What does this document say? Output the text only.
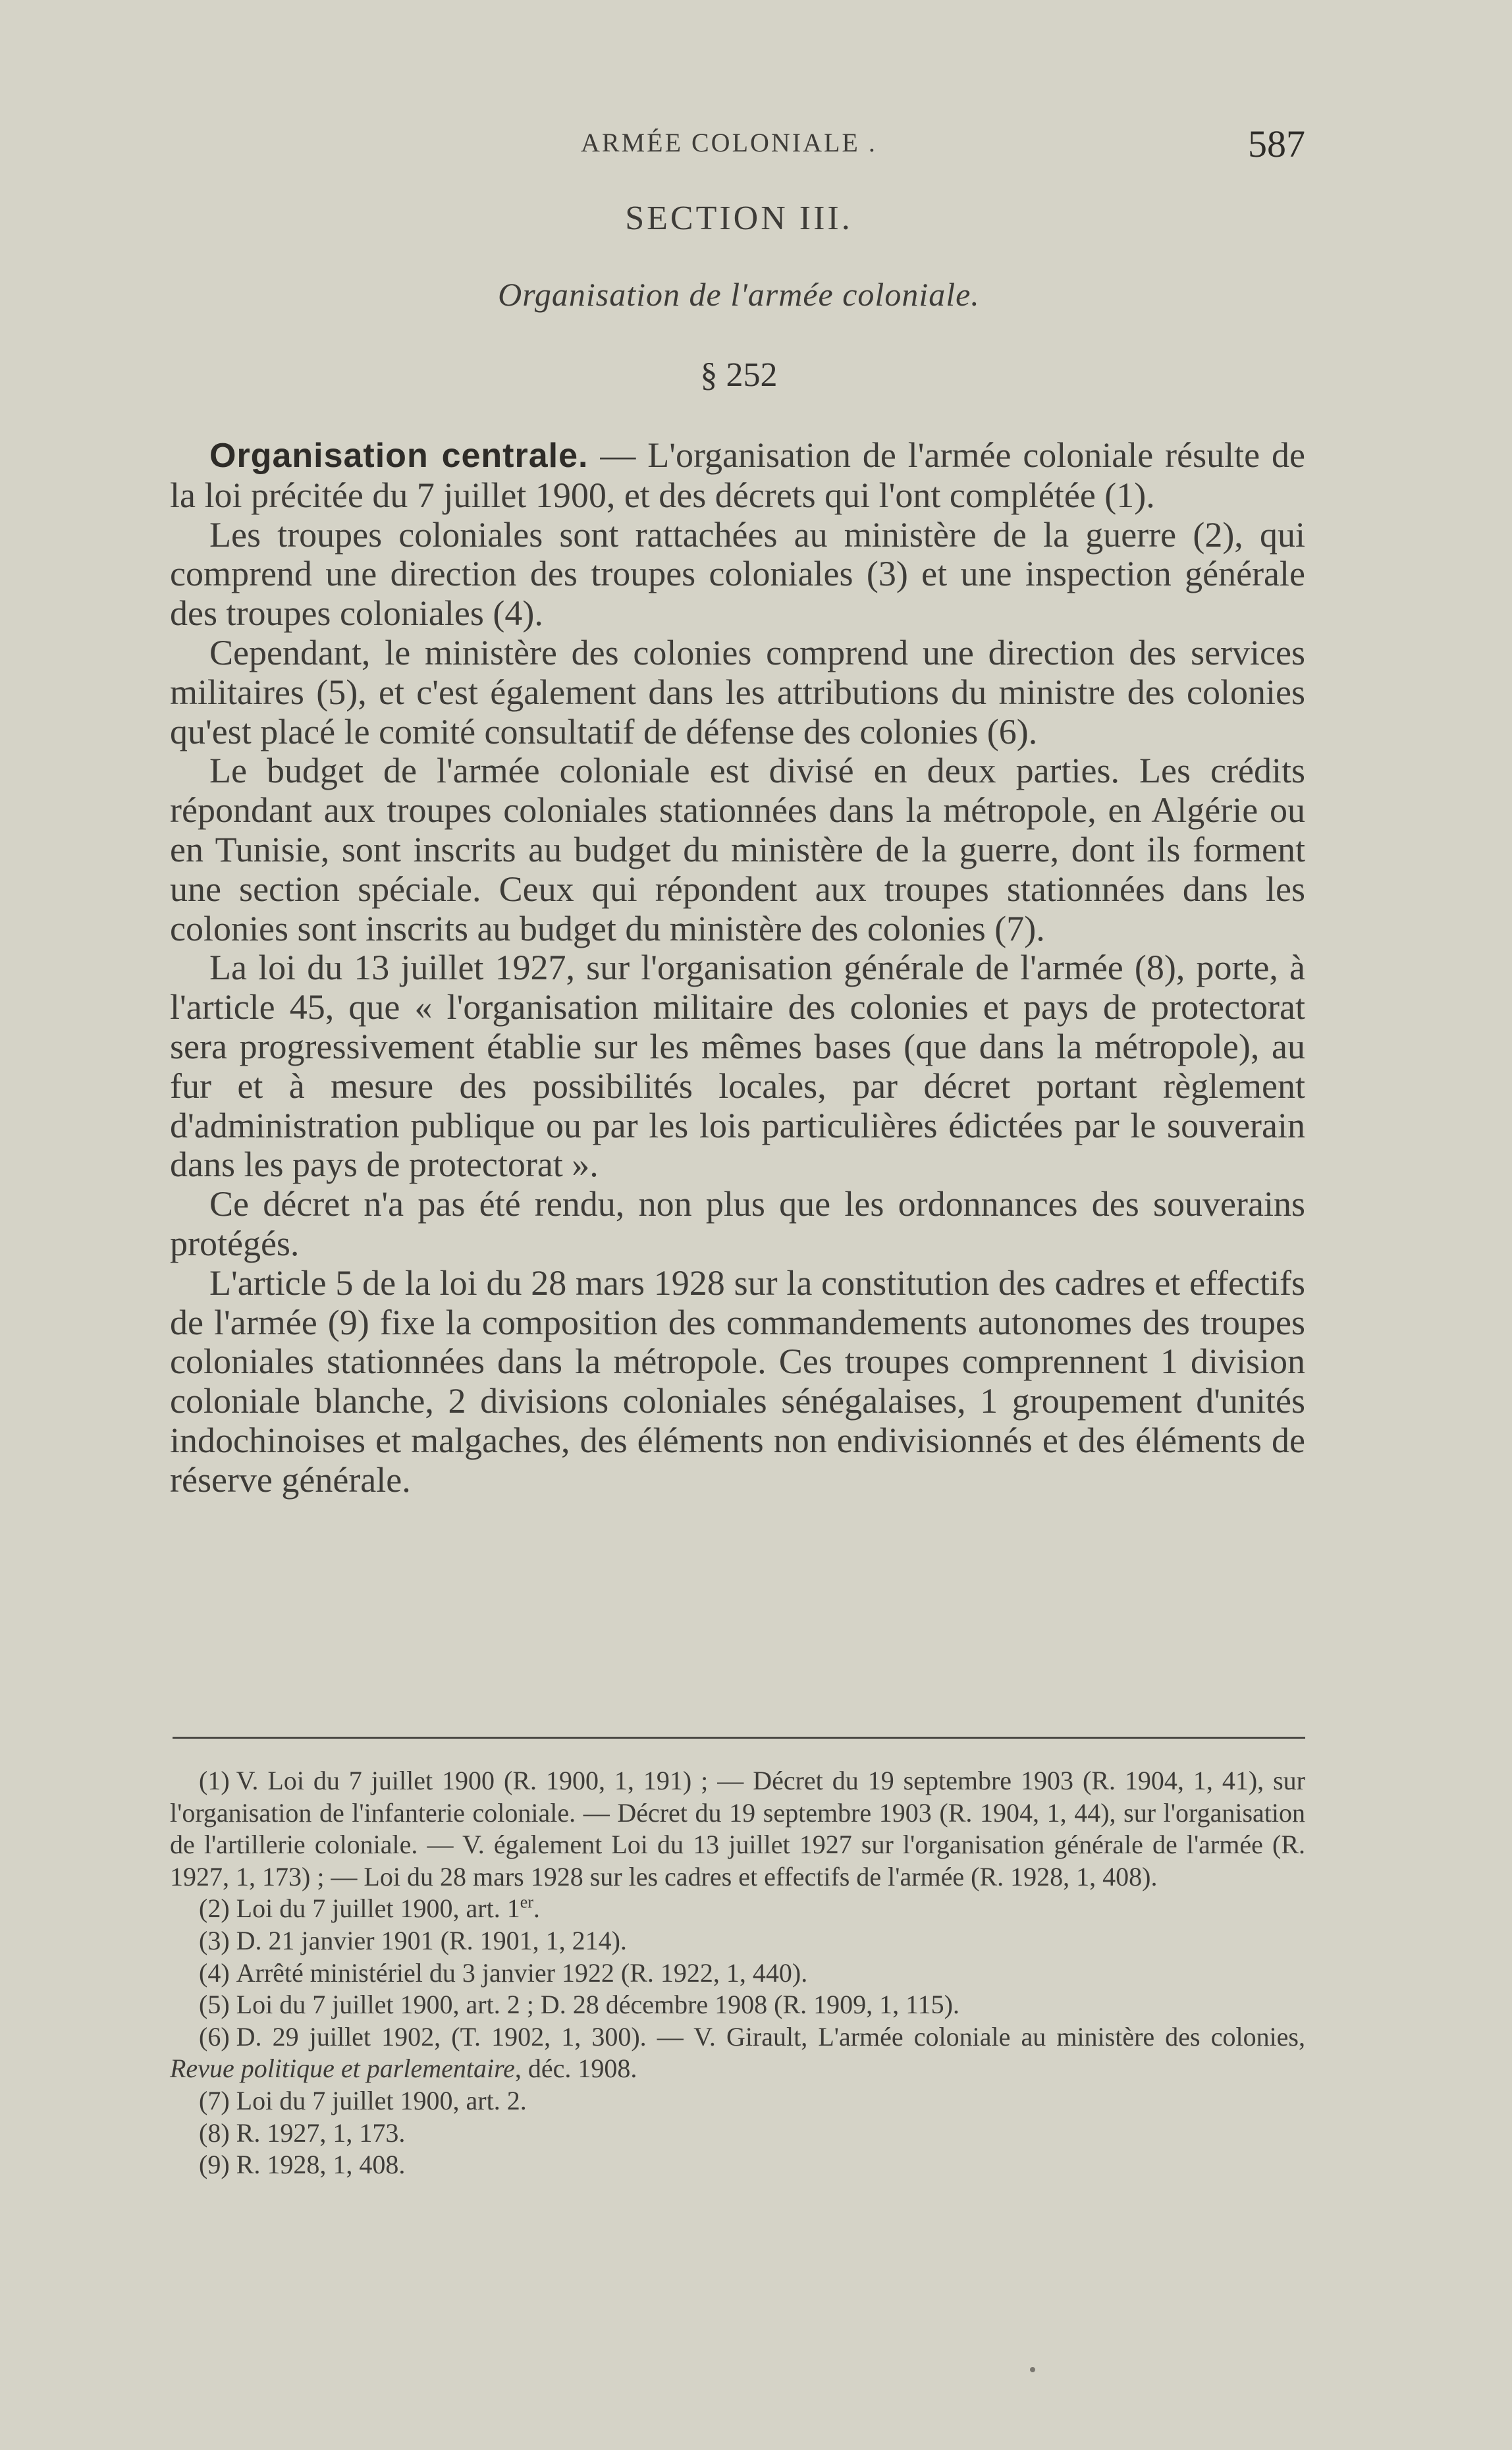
ARMÉE COLONIALE .	587
SECTION III.
Organisation de l'armée coloniale.
§ 252

Organisation centrale. — L'organisation de l'armée coloniale résulte de la loi précitée du 7 juillet 1900, et des décrets qui l'ont complétée (1).

Les troupes coloniales sont rattachées au ministère de la guerre (2), qui comprend une direction des troupes coloniales (3) et une inspection générale des troupes coloniales (4).

Cependant, le ministère des colonies comprend une direction des services militaires (5), et c'est également dans les attributions du ministre des colonies qu'est placé le comité consultatif de défense des colonies (6).

Le budget de l'armée coloniale est divisé en deux parties. Les crédits répondant aux troupes coloniales stationnées dans la métropole, en Algérie ou en Tunisie, sont inscrits au budget du ministère de la guerre, dont ils forment une section spéciale. Ceux qui répondent aux troupes stationnées dans les colonies sont inscrits au budget du ministère des colonies (7).

La loi du 13 juillet 1927, sur l'organisation générale de l'armée (8), porte, à l'article 45, que « l'organisation militaire des colonies et pays de protectorat sera progressivement établie sur les mêmes bases (que dans la métropole), au fur et à mesure des possibilités locales, par décret portant règlement d'administration publique ou par les lois particulières édictées par le souverain dans les pays de protectorat ».

Ce décret n'a pas été rendu, non plus que les ordonnances des souverains protégés.

L'article 5 de la loi du 28 mars 1928 sur la constitution des cadres et effectifs de l'armée (9) fixe la composition des commandements autonomes des troupes coloniales stationnées dans la métropole. Ces troupes comprennent 1 division coloniale blanche, 2 divisions coloniales sénégalaises, 1 groupement d'unités indochinoises et malgaches, des éléments non endivisionnés et des éléments de réserve générale.

(1) V. Loi du 7 juillet 1900 (R. 1900, 1, 191) ; — Décret du 19 septembre 1903 (R. 1904, 1, 41), sur l'organisation de l'infanterie coloniale. — Décret du 19 septembre 1903 (R. 1904, 1, 44), sur l'organisation de l'artillerie coloniale. — V. également Loi du 13 juillet 1927 sur l'organisation générale de l'armée (R. 1927, 1, 173) ; — Loi du 28 mars 1928 sur les cadres et effectifs de l'armée (R. 1928, 1, 408).

(2) Loi du 7 juillet 1900, art. 1er.

(3) D. 21 janvier 1901 (R. 1901, 1, 214).

(4) Arrêté ministériel du 3 janvier 1922 (R. 1922, 1, 440).

(5) Loi du 7 juillet 1900, art. 2 ; D. 28 décembre 1908 (R. 1909, 1, 115).

(6) D. 29 juillet 1902, (T. 1902, 1, 300). — V. Girault, L'armée coloniale au ministère des colonies, Revue politique et parlementaire, déc. 1908.

(7) Loi du 7 juillet 1900, art. 2.

(8) R. 1927, 1, 173.

(9) R. 1928, 1, 408.
